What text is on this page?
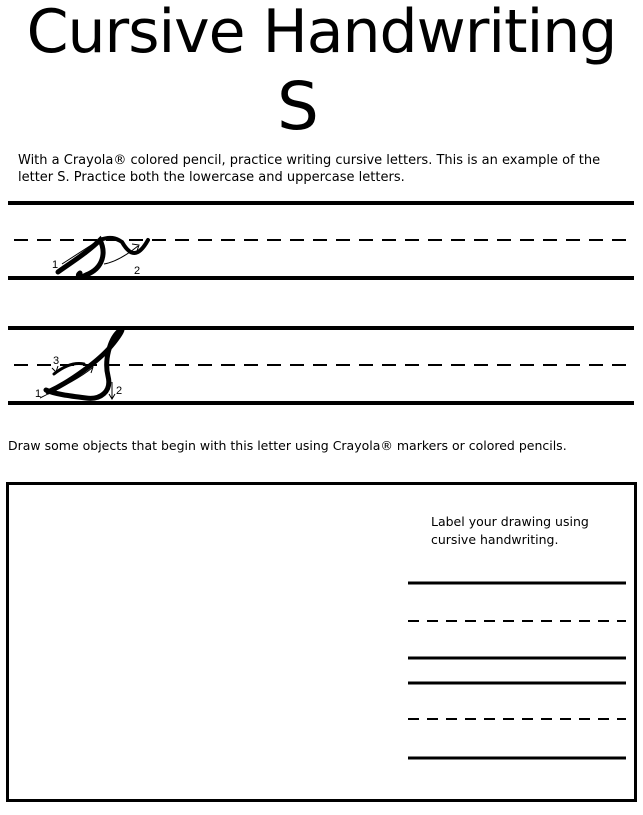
Cursive Handwriting
S

With a Crayola® colored pencil, practice writing cursive letters. This is an example of the letter S. Practice both the lowercase and uppercase letters.

1	2
3
1	2

Draw some objects that begin with this letter using Crayola® markers or colored pencils.

Label your drawing using cursive handwriting.
